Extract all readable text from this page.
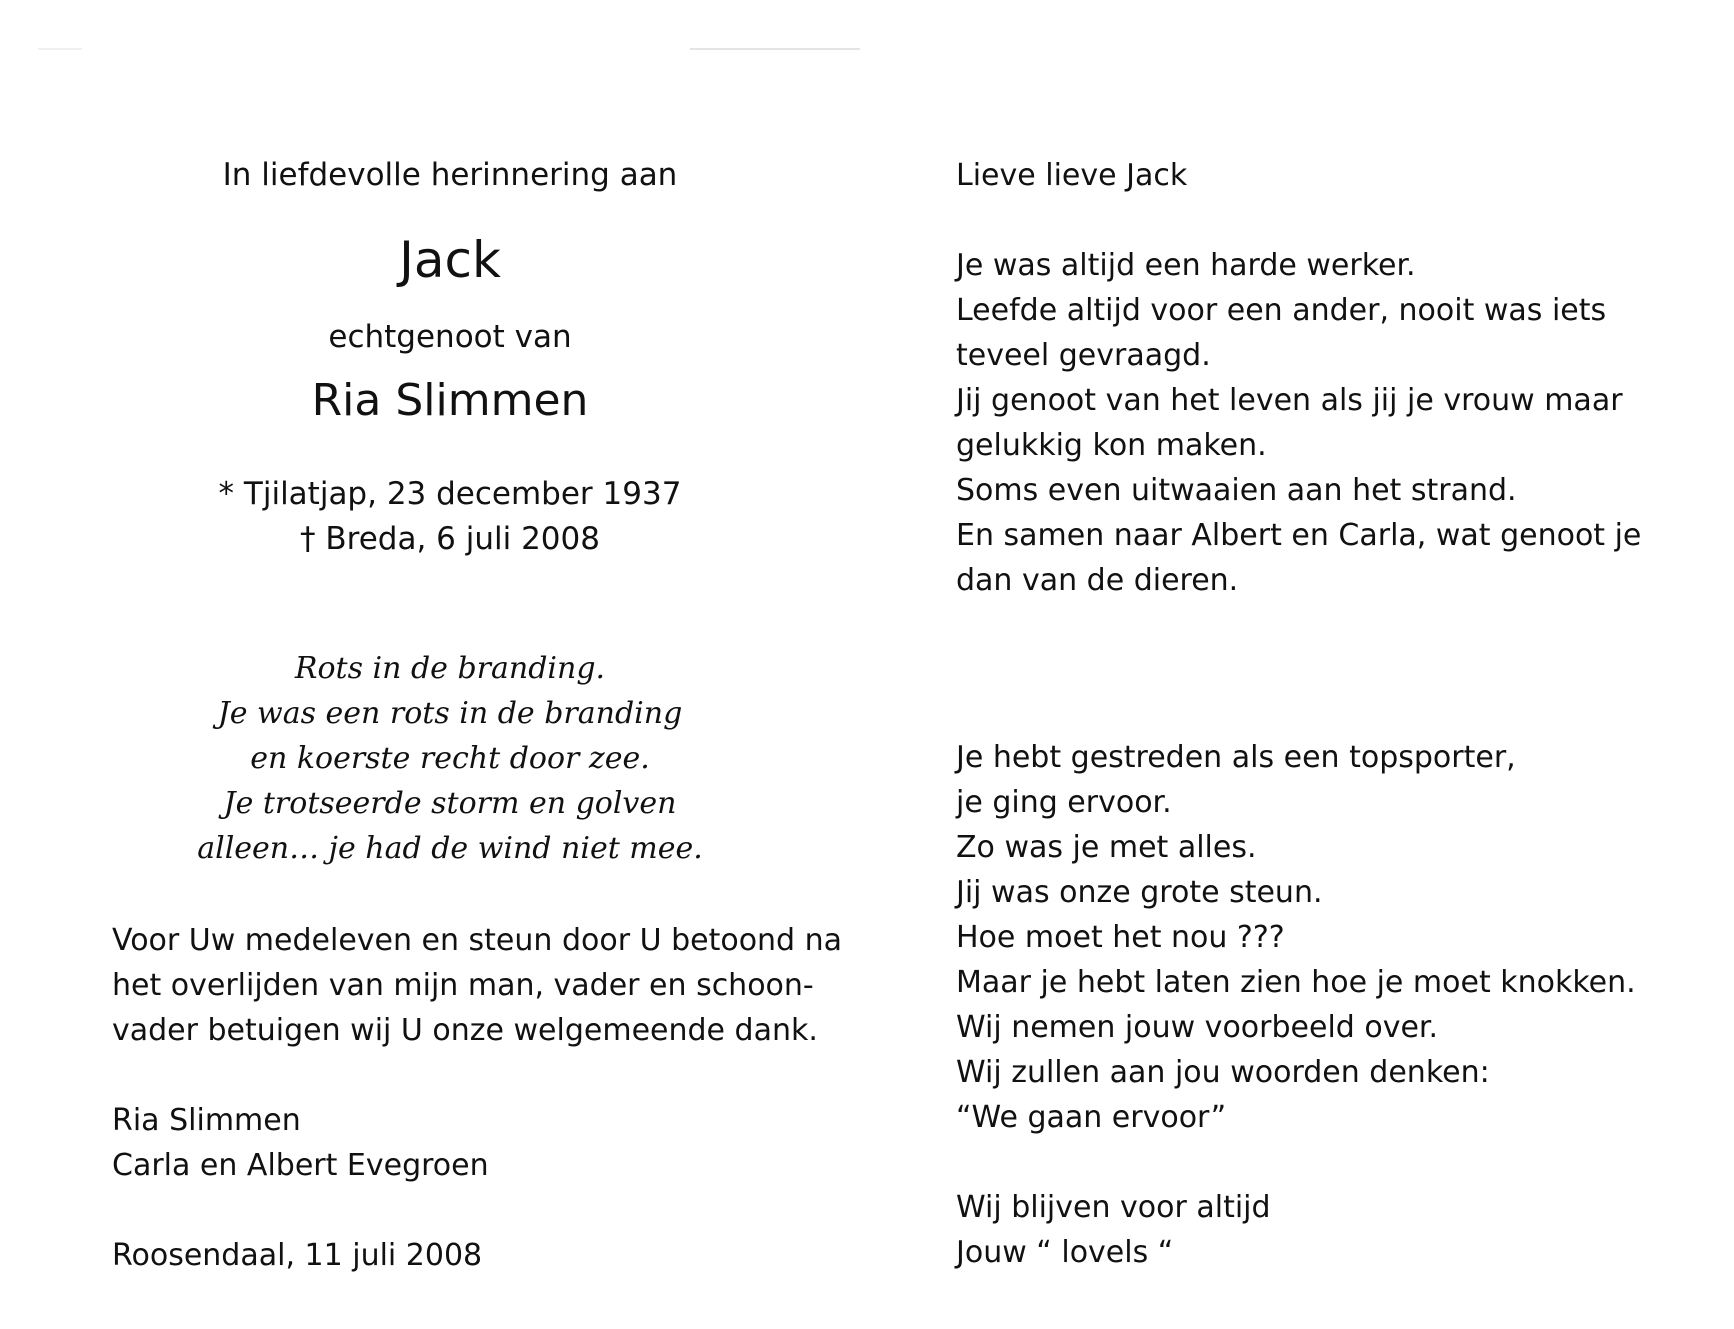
In liefdevolle herinnering aan
Jack
echtgenoot van
Ria Slimmen
* Tjilatjap, 23 december 1937
† Breda, 6 juli 2008
Rots in de branding.
Je was een rots in de branding
en koerste recht door zee.
Je trotseerde storm en golven
alleen… je had de wind niet mee.
Voor Uw medeleven en steun door U betoond na
het overlijden van mijn man, vader en schoon-
vader betuigen wij U onze welgemeende dank.
Ria Slimmen
Carla en Albert Evegroen
Roosendaal, 11 juli 2008
Lieve lieve Jack
Je was altijd een harde werker.
Leefde altijd voor een ander, nooit was iets
teveel gevraagd.
Jij genoot van het leven als jij je vrouw maar
gelukkig kon maken.
Soms even uitwaaien aan het strand.
En samen naar Albert en Carla, wat genoot je
dan van de dieren.
Je hebt gestreden als een topsporter,
je ging ervoor.
Zo was je met alles.
Jij was onze grote steun.
Hoe moet het nou ???
Maar je hebt laten zien hoe je moet knokken.
Wij nemen jouw voorbeeld over.
Wij zullen aan jou woorden denken:
“We gaan ervoor”
Wij blijven voor altijd
Jouw “ lovels “
